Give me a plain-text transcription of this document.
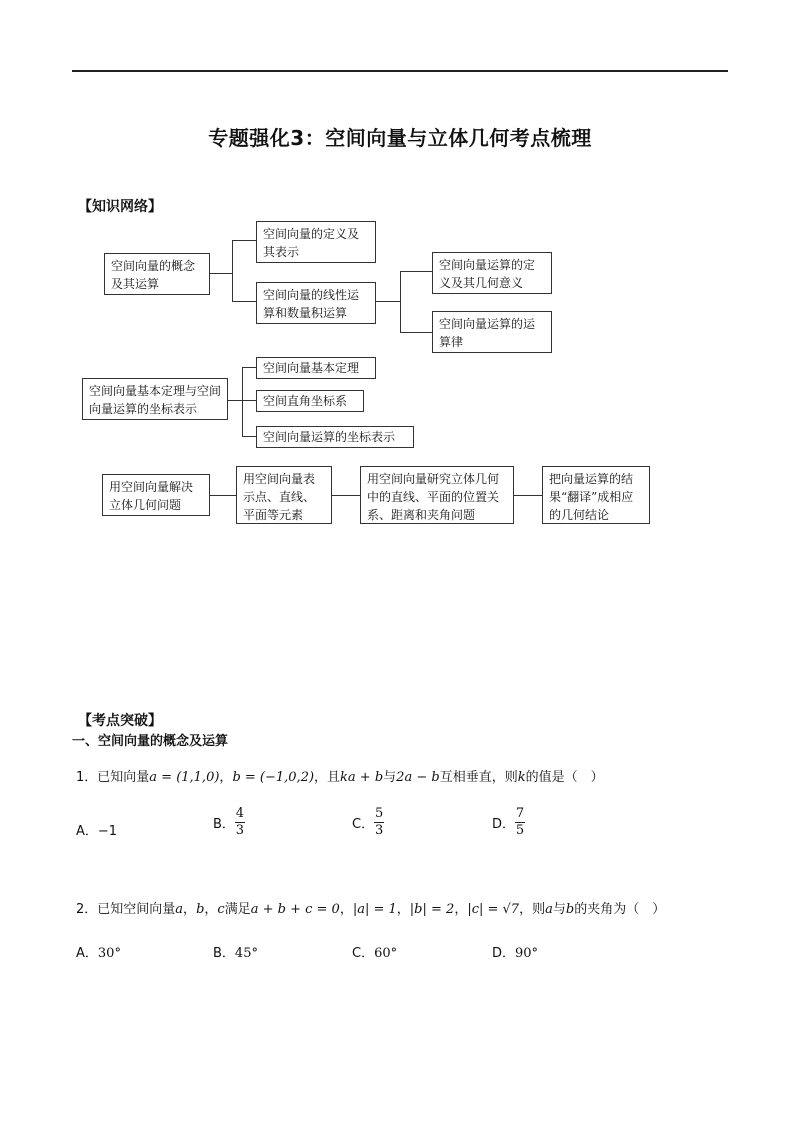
专题强化3：空间向量与立体几何考点梳理
【知识网络】
空间向量的概念及其运算
空间向量的定义及其表示
空间向量的线性运算和数量积运算
空间向量运算的定义及其几何意义
空间向量运算的运算律
空间向量基本定理与空间向量运算的坐标表示
空间向量基本定理
空间直角坐标系
空间向量运算的坐标表示
用空间向量解决立体几何问题
用空间向量表示点、直线、平面等元素
用空间向量研究立体几何中的直线、平面的位置关系、距离和夹角问题
把向量运算的结果“翻译”成相应的几何结论
【考点突破】
一、空间向量的概念及运算
1．已知向量a = (1,1,0)，b = (−1,0,2)，且ka + b与2a − b互相垂直，则k的值是（　）
A．−1	B． $\frac{4}{3}$	C． $\frac{5}{3}$	D． $\frac{7}{5}$
2．已知空间向量a，b，c满足a + b + c = 0，|a| = 1，|b| = 2，|c| = √7，则a与b的夹角为（　）
A．30°	B．45°	C．60°	D．90°
